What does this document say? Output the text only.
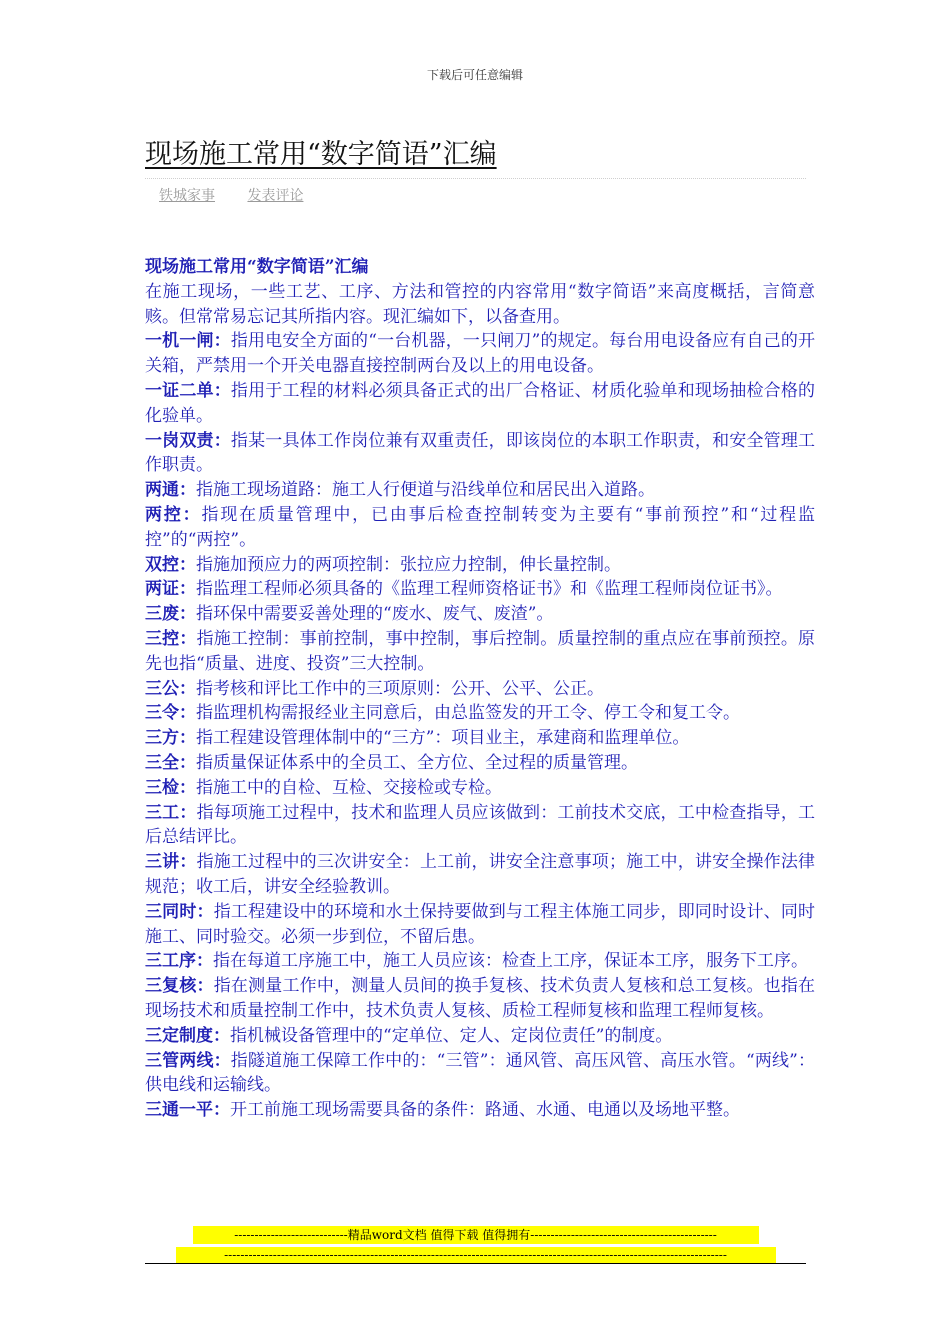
下载后可任意编辑
现场施工常用“数字简语”汇编
铁城家事 发表评论

现场施工常用“数字简语”汇编

在施工现场，一些工艺、工序、方法和管控的内容常用“数字简语”来高度概括，言简意赅。但常常易忘记其所指内容。现汇编如下，以备查用。

一机一闸：指用电安全方面的“一台机器，一只闸刀”的规定。每台用电设备应有自己的开关箱，严禁用一个开关电器直接控制两台及以上的用电设备。

一证二单：指用于工程的材料必须具备正式的出厂合格证、材质化验单和现场抽检合格的化验单。

一岗双责：指某一具体工作岗位兼有双重责任，即该岗位的本职工作职责，和安全管理工作职责。

两通：指施工现场道路：施工人行便道与沿线单位和居民出入道路。

两控：指现在质量管理中，已由事后检查控制转变为主要有“事前预控”和“过程监控”的“两控”。

双控：指施加预应力的两项控制：张拉应力控制，伸长量控制。

两证：指监理工程师必须具备的《监理工程师资格证书》和《监理工程师岗位证书》。

三废：指环保中需要妥善处理的“废水、废气、废渣”。

三控：指施工控制：事前控制，事中控制，事后控制。质量控制的重点应在事前预控。原先也指“质量、进度、投资”三大控制。

三公：指考核和评比工作中的三项原则：公开、公平、公正。

三令：指监理机构需报经业主同意后，由总监签发的开工令、停工令和复工令。

三方：指工程建设管理体制中的“三方”：项目业主，承建商和监理单位。

三全：指质量保证体系中的全员工、全方位、全过程的质量管理。

三检：指施工中的自检、互检、交接检或专检。

三工：指每项施工过程中，技术和监理人员应该做到：工前技术交底，工中检查指导，工后总结评比。

三讲：指施工过程中的三次讲安全：上工前，讲安全注意事项；施工中，讲安全操作法律规范；收工后，讲安全经验教训。

三同时：指工程建设中的环境和水土保持要做到与工程主体施工同步，即同时设计、同时施工、同时验交。必须一步到位，不留后患。

三工序：指在每道工序施工中，施工人员应该：检查上工序，保证本工序，服务下工序。

三复核：指在测量工作中，测量人员间的换手复核、技术负责人复核和总工复核。也指在现场技术和质量控制工作中，技术负责人复核、质检工程师复核和监理工程师复核。

三定制度：指机械设备管理中的“定单位、定人、定岗位责任”的制度。

三管两线：指隧道施工保障工作中的：“三管”：通风管、高压风管、高压水管。“两线”：供电线和运输线。

三通一平：开工前施工现场需要具备的条件：路通、水通、电通以及场地平整。

----------------------------精品word文档 值得下载 值得拥有----------------------------------------------
----------------------------------------------------------------------------------------------------------------------------
